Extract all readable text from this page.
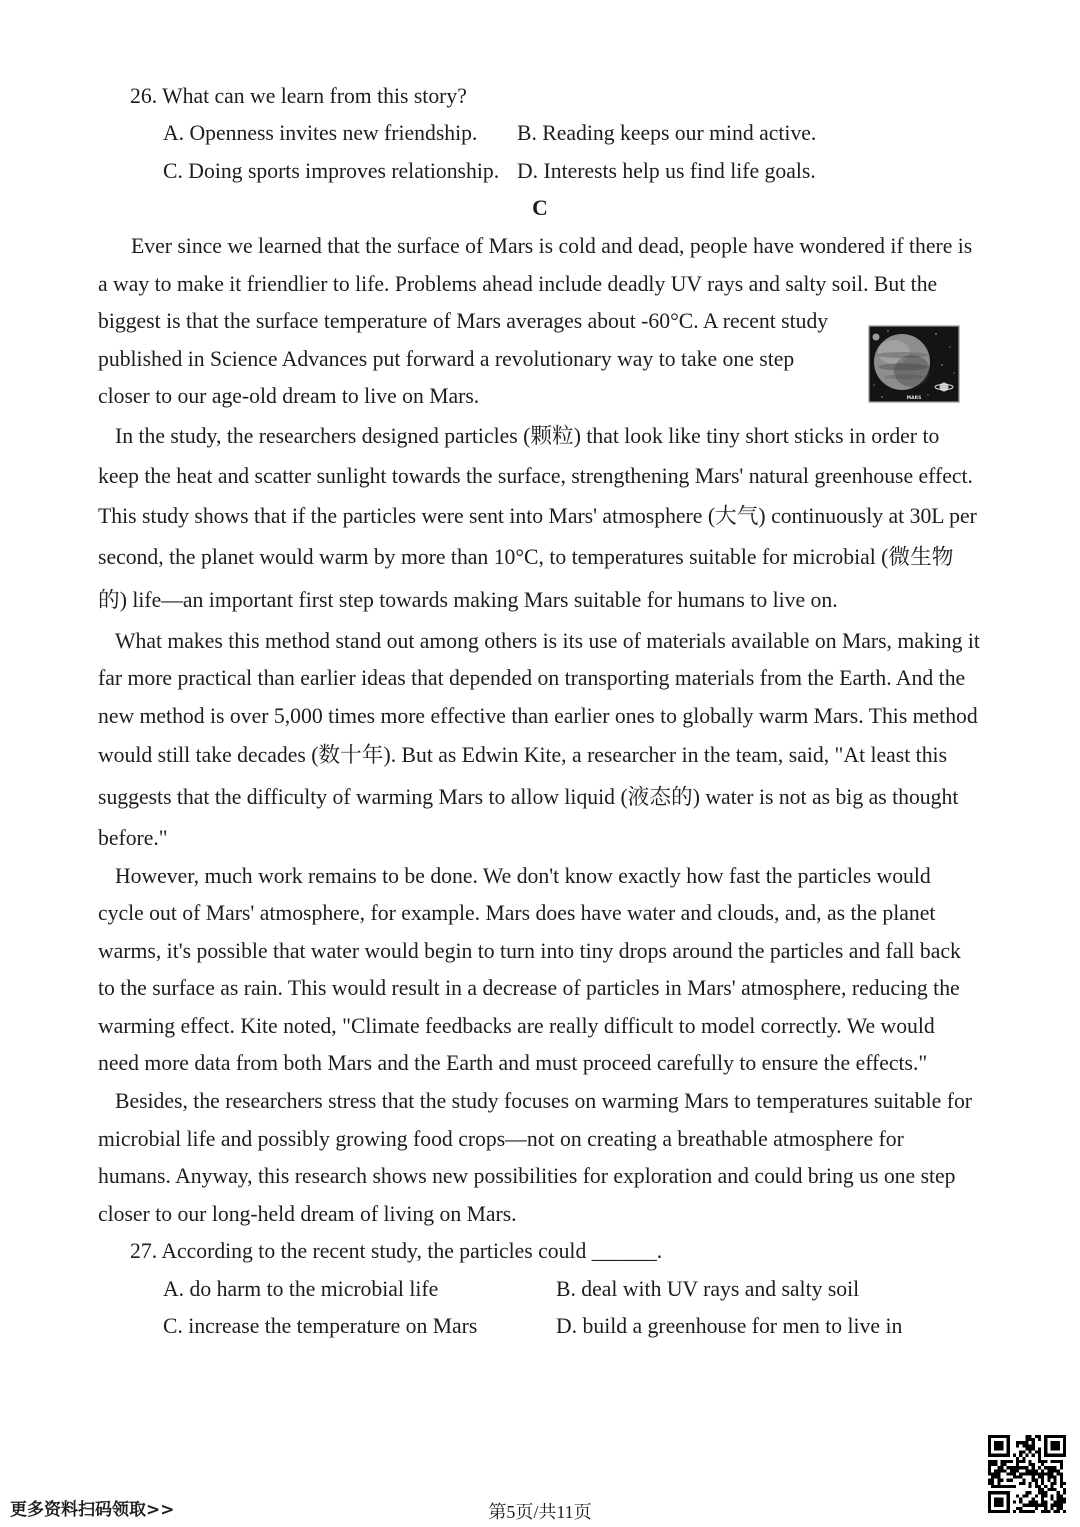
26. What can we learn from this story?
A. Openness invites new friendship. B. Reading keeps our mind active.
C. Doing sports improves relationship. D. Interests help us find life goals.
C
Ever since we learned that the surface of Mars is cold and dead, people have wondered if there is
a way to make it friendlier to life. Problems ahead include deadly UV rays and salty soil. But the
biggest is that the surface temperature of Mars averages about -60°C. A recent study
published in Science Advances put forward a revolutionary way to take one step
closer to our age-old dream to live on Mars.	MARS
In the study, the researchers designed particles (颗粒) that look like tiny short sticks in order to
keep the heat and scatter sunlight towards the surface, strengthening Mars' natural greenhouse effect.
This study shows that if the particles were sent into Mars' atmosphere (大气) continuously at 30L per
second, the planet would warm by more than 10°C, to temperatures suitable for microbial (微生物
的) life—an important first step towards making Mars suitable for humans to live on.
What makes this method stand out among others is its use of materials available on Mars, making it
far more practical than earlier ideas that depended on transporting materials from the Earth. And the
new method is over 5,000 times more effective than earlier ones to globally warm Mars. This method
would still take decades (数十年). But as Edwin Kite, a researcher in the team, said, "At least this
suggests that the difficulty of warming Mars to allow liquid (液态的) water is not as big as thought
before."
However, much work remains to be done. We don't know exactly how fast the particles would
cycle out of Mars' atmosphere, for example. Mars does have water and clouds, and, as the planet
warms, it's possible that water would begin to turn into tiny drops around the particles and fall back
to the surface as rain. This would result in a decrease of particles in Mars' atmosphere, reducing the
warming effect. Kite noted, "Climate feedbacks are really difficult to model correctly. We would
need more data from both Mars and the Earth and must proceed carefully to ensure the effects."
Besides, the researchers stress that the study focuses on warming Mars to temperatures suitable for
microbial life and possibly growing food crops—not on creating a breathable atmosphere for
humans. Anyway, this research shows new possibilities for exploration and could bring us one step
closer to our long-held dream of living on Mars.
27. According to the recent study, the particles could ______.
A. do harm to the microbial life	B. deal with UV rays and salty soil
C. increase the temperature on Mars	D. build a greenhouse for men to live in
更多资料扫码领取>>	第5页/共11页
